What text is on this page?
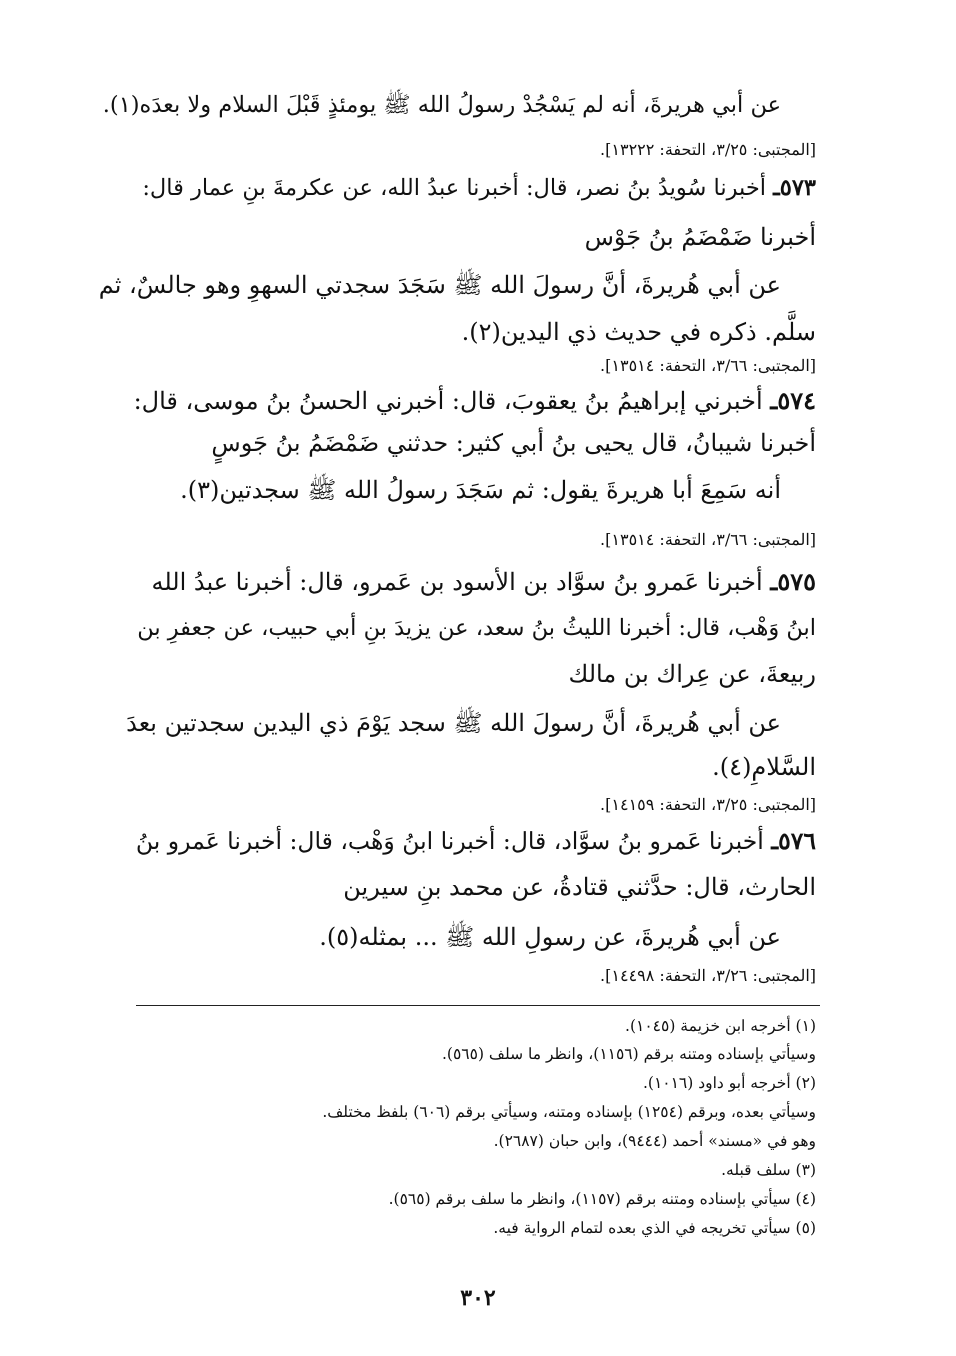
عن أبي هريرةَ، أنه لم يَسْجُدْ رسولُ الله ﷺ يومئذٍ قَبْلَ السلام ولا بعدَه(١).
[المجتبى: ٣/٢٥، التحفة: ١٣٢٢٢].
٥٧٣ـ أخبرنا سُويدُ بنُ نصر، قال: أخبرنا عبدُ الله، عن عكرمةَ بنِ عمار قال:
أخبرنا ضَمْضَمُ بنُ جَوْس
عن أبي هُريرةَ، أنَّ رسولَ الله ﷺ سَجَدَ سجدتي السهوِ وهو جالسٌ، ثم
سلَّم. ذكره في حديث ذي اليدين(٢).
[المجتبى: ٣/٦٦، التحفة: ١٣٥١٤].
٥٧٤ـ أخبرني إبراهيمُ بنُ يعقوبَ، قال: أخبرني الحسنُ بنُ موسى، قال:
أخبرنا شيبانُ، قال يحيى بنُ أبي كثير: حدثني ضَمْضَمُ بنُ جَوسٍ
أنه سَمِعَ أبا هريرةَ يقول: ثم سَجَدَ رسولُ الله ﷺ سجدتين(٣).
[المجتبى: ٣/٦٦، التحفة: ١٣٥١٤].
٥٧٥ـ أخبرنا عَمرو بنُ سوَّاد بن الأسود بن عَمرو، قال: أخبرنا عبدُ الله
ابنُ وَهْب، قال: أخبرنا الليثُ بنُ سعد، عن يزيدَ بنِ أبي حبيب، عن جعفرِ بن
ربيعةَ، عن عِراك بن مالك
عن أبي هُريرةَ، أنَّ رسولَ الله ﷺ سجد يَوْمَ ذي اليدين سجدتين بعدَ
السَّلامِ(٤).
[المجتبى: ٣/٢٥، التحفة: ١٤١٥٩].
٥٧٦ـ أخبرنا عَمرو بنُ سوَّاد، قال: أخبرنا ابنُ وَهْب، قال: أخبرنا عَمرو بنُ
الحارث، قال: حدَّثني قتادةُ، عن محمد بنِ سيرين
عن أبي هُريرةَ، عن رسولِ الله ﷺ ... بمثله(٥).
[المجتبى: ٣/٢٦، التحفة: ١٤٤٩٨].
(١) أخرجه ابن خزيمة (١٠٤٥).
وسيأتي بإسناده ومتنه برقم (١١٥٦)، وانظر ما سلف (٥٦٥).
(٢) أخرجه أبو داود (١٠١٦).
وسيأتي بعده، وبرقم (١٢٥٤) بإسناده ومتنه، وسيأتي برقم (٦٠٦) بلفظ مختلف.
وهو في «مسند» أحمد (٩٤٤٤)، وابن حبان (٢٦٨٧).
(٣) سلف قبله.
(٤) سيأتي بإسناده ومتنه برقم (١١٥٧)، وانظر ما سلف برقم (٥٦٥).
(٥) سيأتي تخريجه في الذي بعده لتمام الرواية فيه.
٣٠٢
